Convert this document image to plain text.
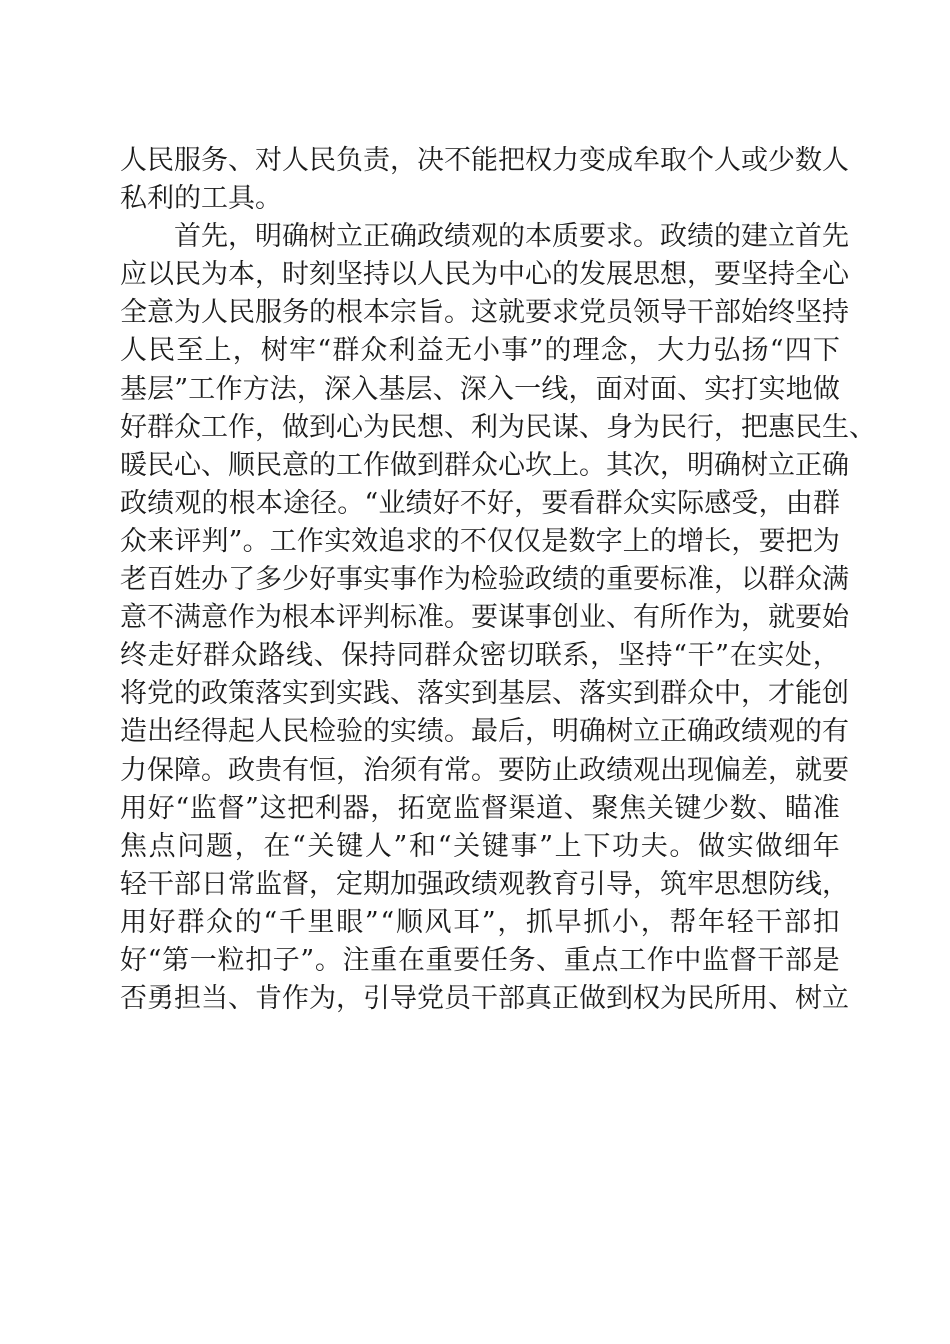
人 民 服 务 、 对 人 民 负 责 ， 决 不 能 把 权 力 变 成 牟 取 个 人 或 少 数 人
私利的工具。
首 先 ， 明 确 树 立 正 确 政 绩 观 的 本 质 要 求 。 政 绩 的 建 立 首 先
应 以 民 为 本 ， 时 刻 坚 持 以 人 民 为 中 心 的 发 展 思 想 ， 要 坚 持 全 心
全 意 为 人 民 服 务 的 根 本 宗 旨 。 这 就 要 求 党 员 领 导 干 部 始 终 坚 持
人 民 至 上 ， 树 牢 “ 群 众 利 益 无 小 事 ” 的 理 念 ， 大 力 弘 扬 “ 四 下
基 层 ” 工 作 方 法 ， 深 入 基 层 、 深 入 一 线 ， 面 对 面 、 实 打 实 地 做
好 群 众 工 作 ， 做 到 心 为 民 想 、 利 为 民 谋 、 身 为 民 行 ， 把 惠 民 生 、
暖 民 心 、 顺 民 意 的 工 作 做 到 群 众 心 坎 上 。 其 次 ， 明 确 树 立 正 确
政 绩 观 的 根 本 途 径 。 “ 业 绩 好 不 好 ， 要 看 群 众 实 际 感 受 ， 由 群
众 来 评 判 ” 。 工 作 实 效 追 求 的 不 仅 仅 是 数 字 上 的 增 长 ， 要 把 为
老 百 姓 办 了 多 少 好 事 实 事 作 为 检 验 政 绩 的 重 要 标 准 ， 以 群 众 满
意 不 满 意 作 为 根 本 评 判 标 准 。 要 谋 事 创 业 、 有 所 作 为 ， 就 要 始
终 走 好 群 众 路 线 、 保 持 同 群 众 密 切 联 系 ， 坚 持 “ 干 ” 在 实 处 ，
将 党 的 政 策 落 实 到 实 践 、 落 实 到 基 层 、 落 实 到 群 众 中 ， 才 能 创
造 出 经 得 起 人 民 检 验 的 实 绩 。 最 后 ， 明 确 树 立 正 确 政 绩 观 的 有
力 保 障 。 政 贵 有 恒 ， 治 须 有 常 。 要 防 止 政 绩 观 出 现 偏 差 ， 就 要
用 好 “ 监 督 ” 这 把 利 器 ， 拓 宽 监 督 渠 道 、 聚 焦 关 键 少 数 、 瞄 准
焦 点 问 题 ， 在 “ 关 键 人 ” 和 “ 关 键 事 ” 上 下 功 夫 。 做 实 做 细 年
轻 干 部 日 常 监 督 ， 定 期 加 强 政 绩 观 教 育 引 导 ， 筑 牢 思 想 防 线 ，
用 好 群 众 的 “ 千 里 眼 ” “ 顺 风 耳 ” ， 抓 早 抓 小 ， 帮 年 轻 干 部 扣
好 “ 第 一 粒 扣 子 ” 。 注 重 在 重 要 任 务 、 重 点 工 作 中 监 督 干 部 是
否 勇 担 当 、 肯 作 为 ， 引 导 党 员 干 部 真 正 做 到 权 为 民 所 用 、 树 立
